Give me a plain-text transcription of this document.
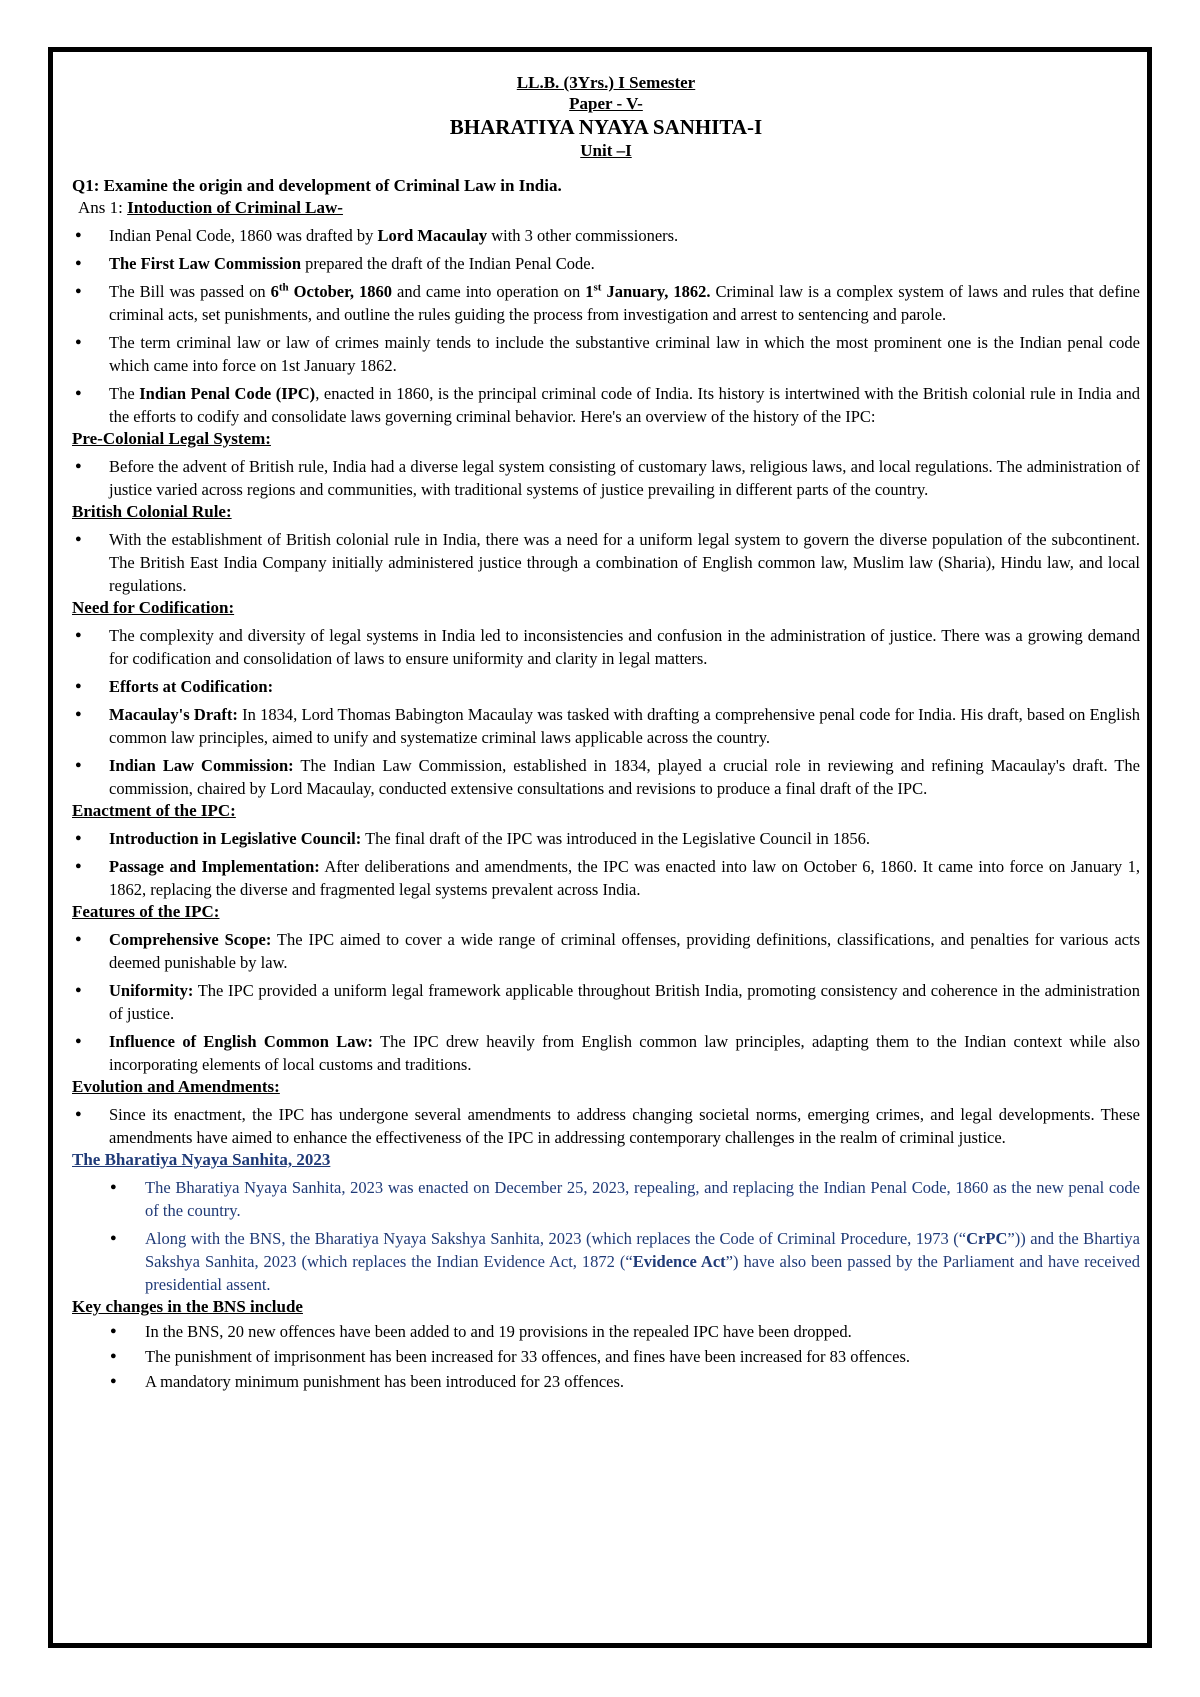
LL.B. (3Yrs.) I Semester
Paper - V-
BHARATIYA NYAYA SANHITA-I
Unit –I
Q1: Examine the origin and development of Criminal Law in India.
Ans 1: Intoduction of Criminal Law-
● Indian Penal Code, 1860 was drafted by Lord Macaulay with 3 other commissioners.
● The First Law Commission prepared the draft of the Indian Penal Code.
● The Bill was passed on 6th October, 1860 and came into operation on 1st January, 1862. Criminal law is a complex system of laws and rules that define criminal acts, set punishments, and outline the rules guiding the process from investigation and arrest to sentencing and parole.
● The term criminal law or law of crimes mainly tends to include the substantive criminal law in which the most prominent one is the Indian penal code which came into force on 1st January 1862.
● The Indian Penal Code (IPC), enacted in 1860, is the principal criminal code of India. Its history is intertwined with the British colonial rule in India and the efforts to codify and consolidate laws governing criminal behavior. Here's an overview of the history of the IPC:
Pre-Colonial Legal System:
● Before the advent of British rule, India had a diverse legal system consisting of customary laws, religious laws, and local regulations. The administration of justice varied across regions and communities, with traditional systems of justice prevailing in different parts of the country.
British Colonial Rule:
● With the establishment of British colonial rule in India, there was a need for a uniform legal system to govern the diverse population of the subcontinent. The British East India Company initially administered justice through a combination of English common law, Muslim law (Sharia), Hindu law, and local regulations.
Need for Codification:
● The complexity and diversity of legal systems in India led to inconsistencies and confusion in the administration of justice. There was a growing demand for codification and consolidation of laws to ensure uniformity and clarity in legal matters.
● Efforts at Codification:
● Macaulay's Draft: In 1834, Lord Thomas Babington Macaulay was tasked with drafting a comprehensive penal code for India. His draft, based on English common law principles, aimed to unify and systematize criminal laws applicable across the country.
● Indian Law Commission: The Indian Law Commission, established in 1834, played a crucial role in reviewing and refining Macaulay's draft. The commission, chaired by Lord Macaulay, conducted extensive consultations and revisions to produce a final draft of the IPC.
Enactment of the IPC:
● Introduction in Legislative Council: The final draft of the IPC was introduced in the Legislative Council in 1856.
● Passage and Implementation: After deliberations and amendments, the IPC was enacted into law on October 6, 1860. It came into force on January 1, 1862, replacing the diverse and fragmented legal systems prevalent across India.
Features of the IPC:
● Comprehensive Scope: The IPC aimed to cover a wide range of criminal offenses, providing definitions, classifications, and penalties for various acts deemed punishable by law.
● Uniformity: The IPC provided a uniform legal framework applicable throughout British India, promoting consistency and coherence in the administration of justice.
● Influence of English Common Law: The IPC drew heavily from English common law principles, adapting them to the Indian context while also incorporating elements of local customs and traditions.
Evolution and Amendments:
● Since its enactment, the IPC has undergone several amendments to address changing societal norms, emerging crimes, and legal developments. These amendments have aimed to enhance the effectiveness of the IPC in addressing contemporary challenges in the realm of criminal justice.
The Bharatiya Nyaya Sanhita, 2023
● The Bharatiya Nyaya Sanhita, 2023 was enacted on December 25, 2023, repealing, and replacing the Indian Penal Code, 1860 as the new penal code of the country.
● Along with the BNS, the Bharatiya Nyaya Sakshya Sanhita, 2023 (which replaces the Code of Criminal Procedure, 1973 (“CrPC”)) and the Bhartiya Sakshya Sanhita, 2023 (which replaces the Indian Evidence Act, 1872 (“Evidence Act”) have also been passed by the Parliament and have received presidential assent.
Key changes in the BNS include
● In the BNS, 20 new offences have been added to and 19 provisions in the repealed IPC have been dropped.
● The punishment of imprisonment has been increased for 33 offences, and fines have been increased for 83 offences.
● A mandatory minimum punishment has been introduced for 23 offences.
